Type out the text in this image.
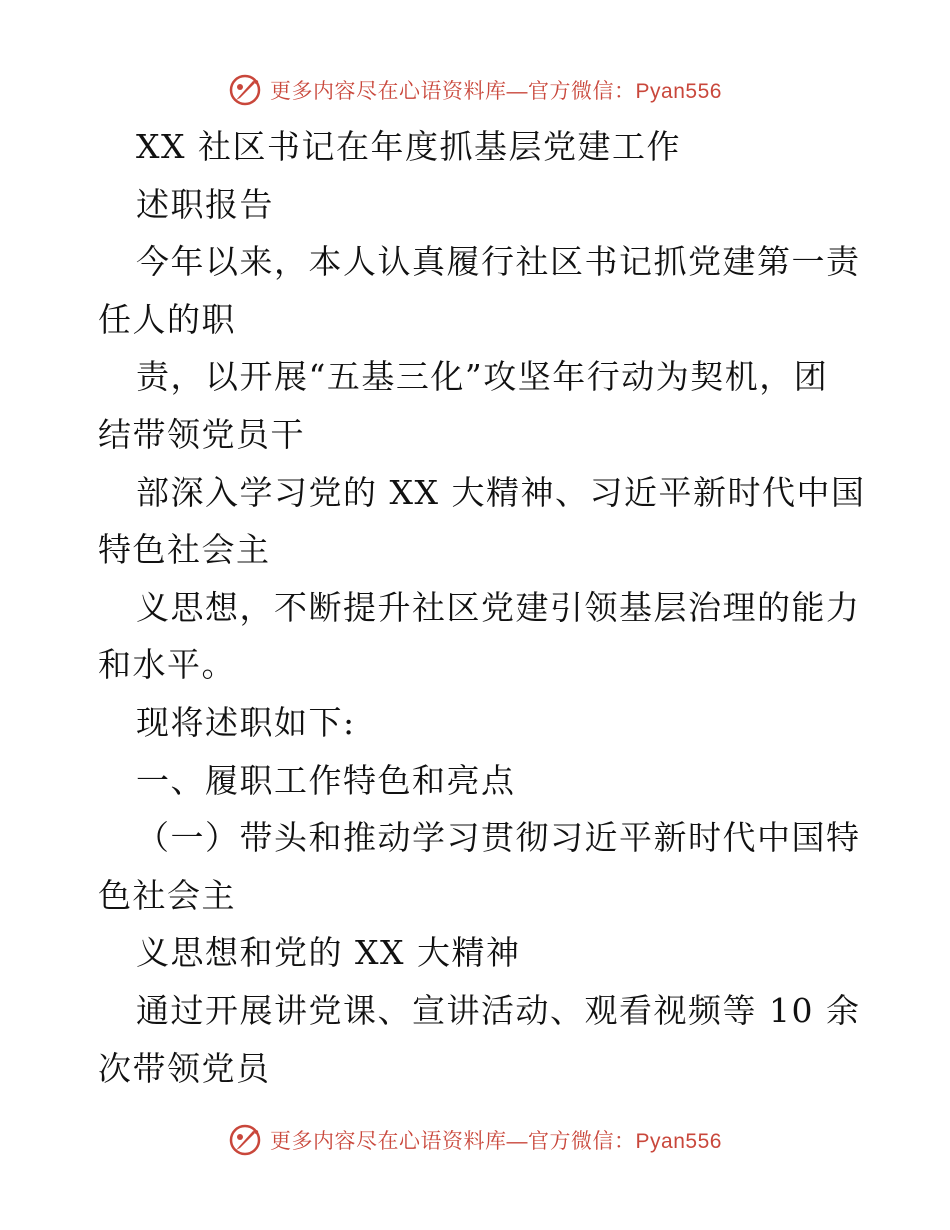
更多内容尽在心语资料库—官方微信：Pyan556
XX 社区书记在年度抓基层党建工作
述职报告
今年以来，本人认真履行社区书记抓党建第一责
任人的职
责，以开展“五基三化”攻坚年行动为契机，团
结带领党员干
部深入学习党的 XX 大精神、习近平新时代中国
特色社会主
义思想，不断提升社区党建引领基层治理的能力
和水平。
现将述职如下:
一、履职工作特色和亮点
（一）带头和推动学习贯彻习近平新时代中国特
色社会主
义思想和党的 XX 大精神
通过开展讲党课、宣讲活动、观看视频等 10 余
次带领党员
更多内容尽在心语资料库—官方微信：Pyan556
